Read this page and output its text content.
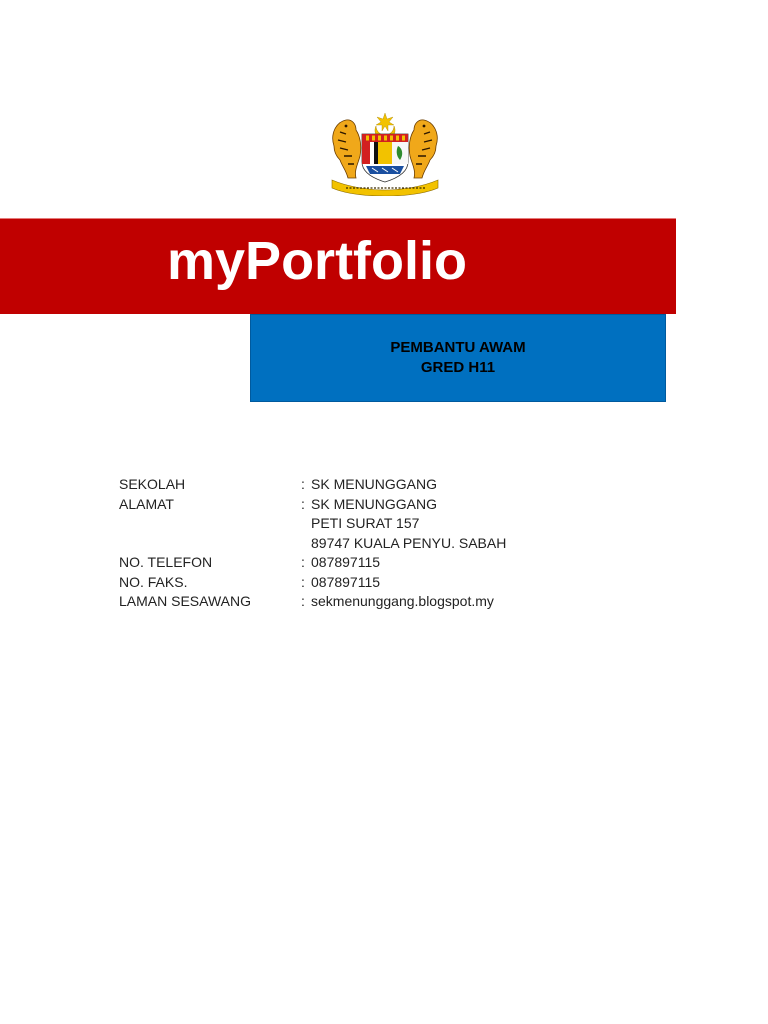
myPortfolio
PEMBANTU AWAM
GRED H11
SEKOLAH	: SK MENUNGGANG
ALAMAT	: SK MENUNGGANG
PETI SURAT 157
89747 KUALA PENYU. SABAH
NO. TELEFON	: 087897115
NO. FAKS.	: 087897115
LAMAN SESAWANG	: sekmenunggang.blogspot.my
